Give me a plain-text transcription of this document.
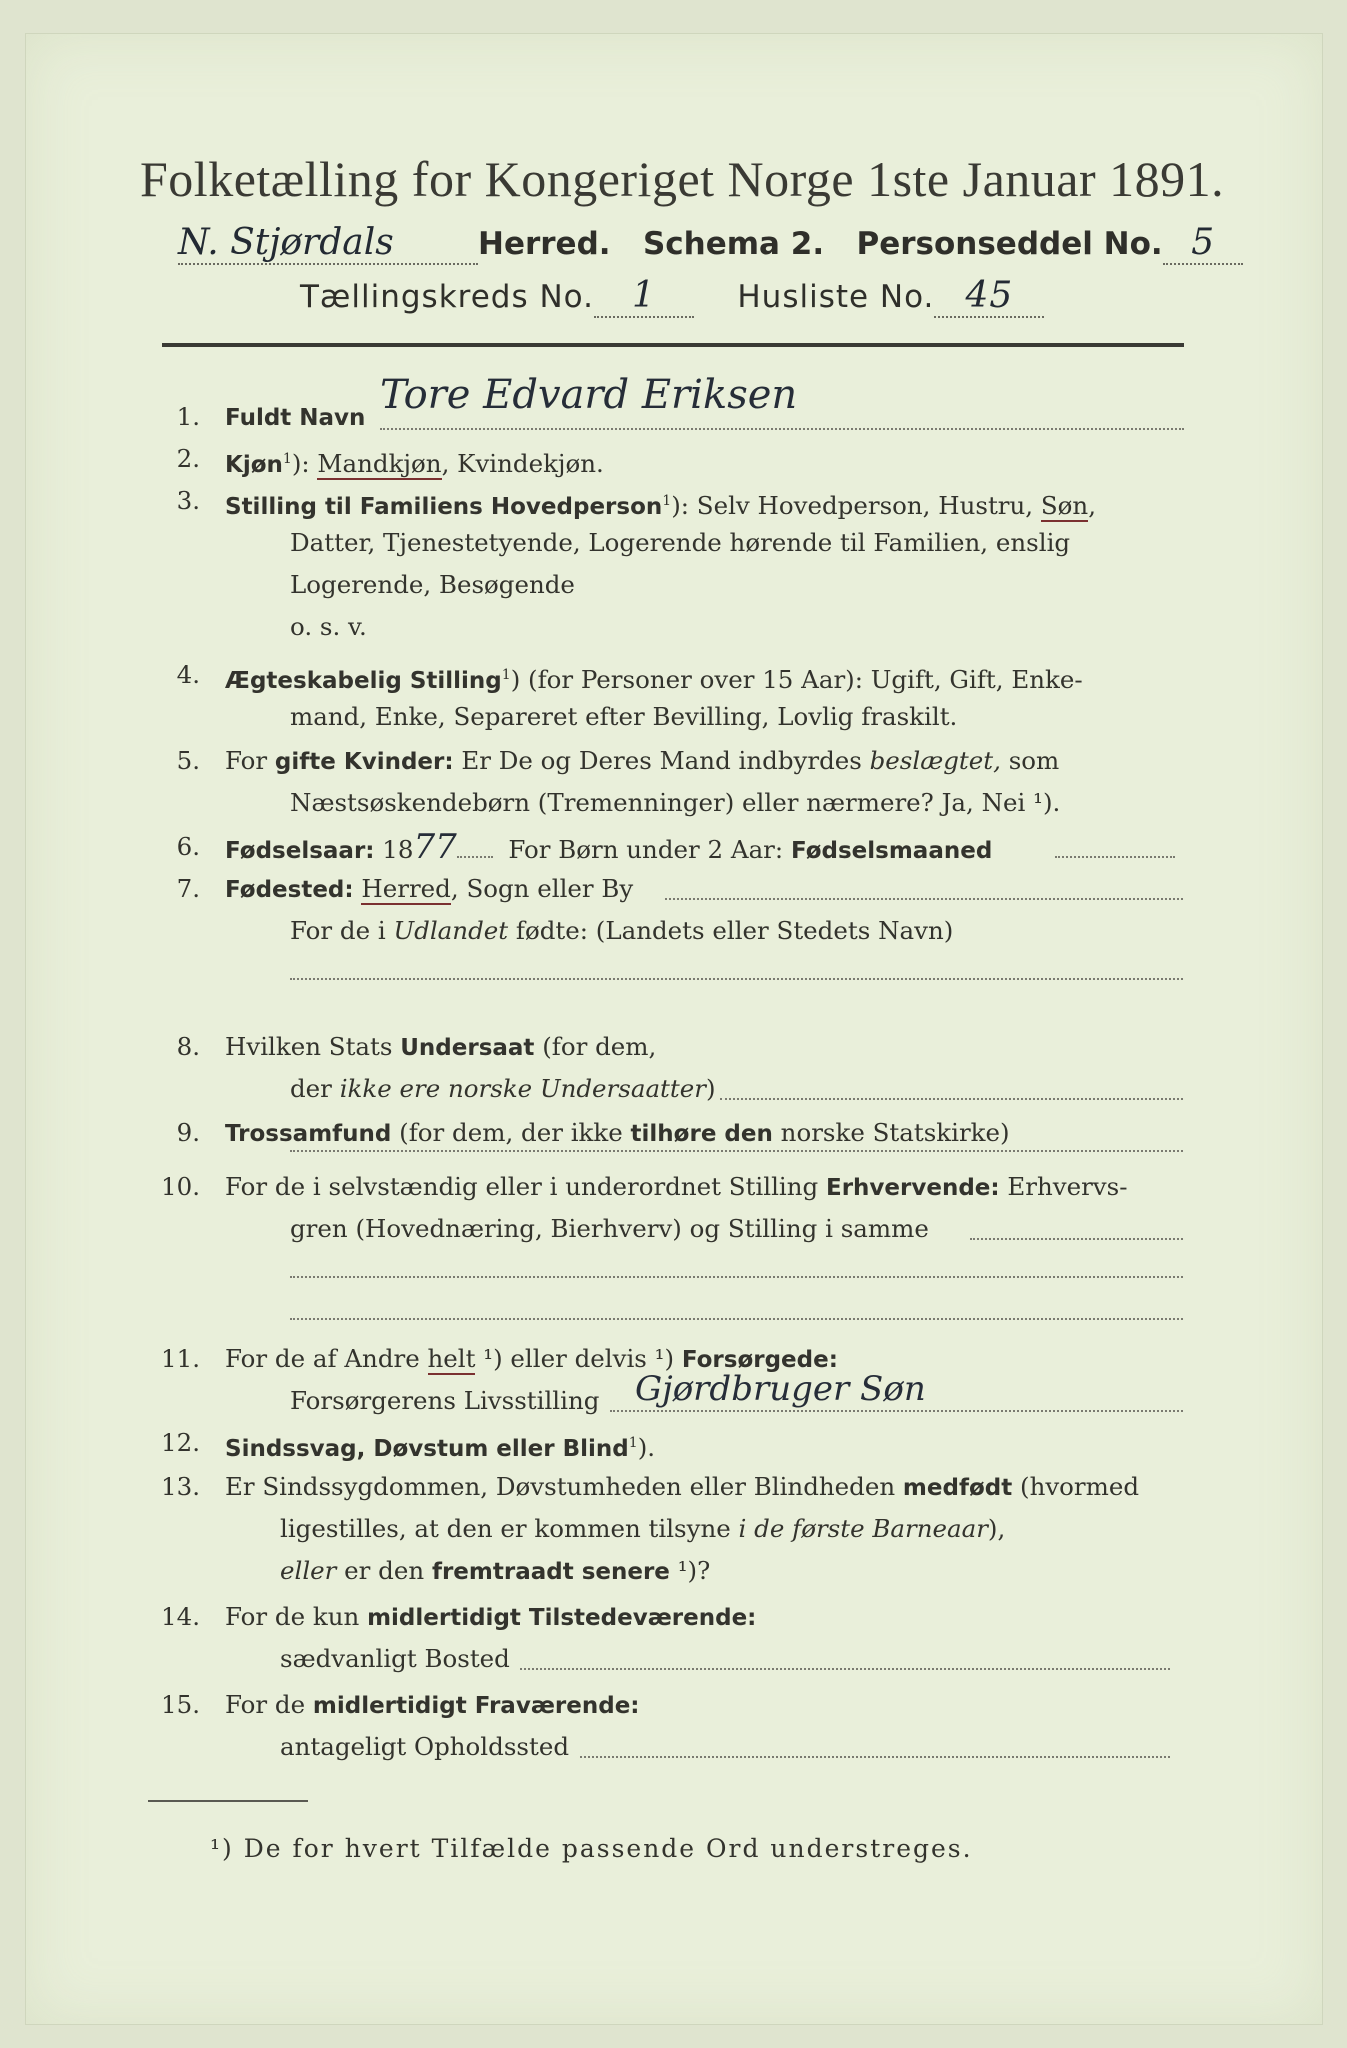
Folketælling for Kongeriget Norge 1ste Januar 1891.
N. Stjørdals	Herred. Schema 2. Personseddel No. 5
Tællingskreds No. 1	Husliste No. 45
1. Fuldt Navn Tore Edvard Eriksen
2. Kjøn$^1$): Mandkjøn, Kvindekjøn.
3. Stilling til Familiens Hovedperson$^1$): Selv Hovedperson, Hustru, Søn,
Datter, Tjenestetyende, Logerende hørende til Familien, enslig
Logerende, Besøgende
o. s. v.
4. Ægteskabelig Stilling$^1$) (for Personer over 15 Aar): Ugift, Gift, Enke-
mand, Enke, Separeret efter Bevilling, Lovlig fraskilt.
5. For gifte Kvinder: Er De og Deres Mand indbyrdes beslægtet, som
Næstsøskendebørn (Tremenninger) eller nærmere? Ja, Nei ¹).
6. Fødselsaar: 1877 For Børn under 2 Aar: Fødselsmaaned
7. Fødested: Herred, Sogn eller By
For de i Udlandet fødte: (Landets eller Stedets Navn)
8. Hvilken Stats Undersaat (for dem,
der ikke ere norske Undersaatter)
9. Trossamfund (for dem, der ikke tilhøre den norske Statskirke)
10. For de i selvstændig eller i underordnet Stilling Erhvervende: Erhvervs-
gren (Hovednæring, Bierhverv) og Stilling i samme
11. For de af Andre helt ¹) eller delvis ¹) Forsørgede:
Forsørgerens Livsstilling Gjørdbruger Søn
12. Sindssvag, Døvstum eller Blind$^1$).
13. Er Sindssygdommen, Døvstumheden eller Blindheden medfødt (hvormed
ligestilles, at den er kommen tilsyne i de første Barneaar),
eller er den fremtraadt senere ¹)?
14. For de kun midlertidigt Tilstedeværende:
sædvanligt Bosted
15. For de midlertidigt Fraværende:
antageligt Opholdssted
¹) De for hvert Tilfælde passende Ord understreges.
